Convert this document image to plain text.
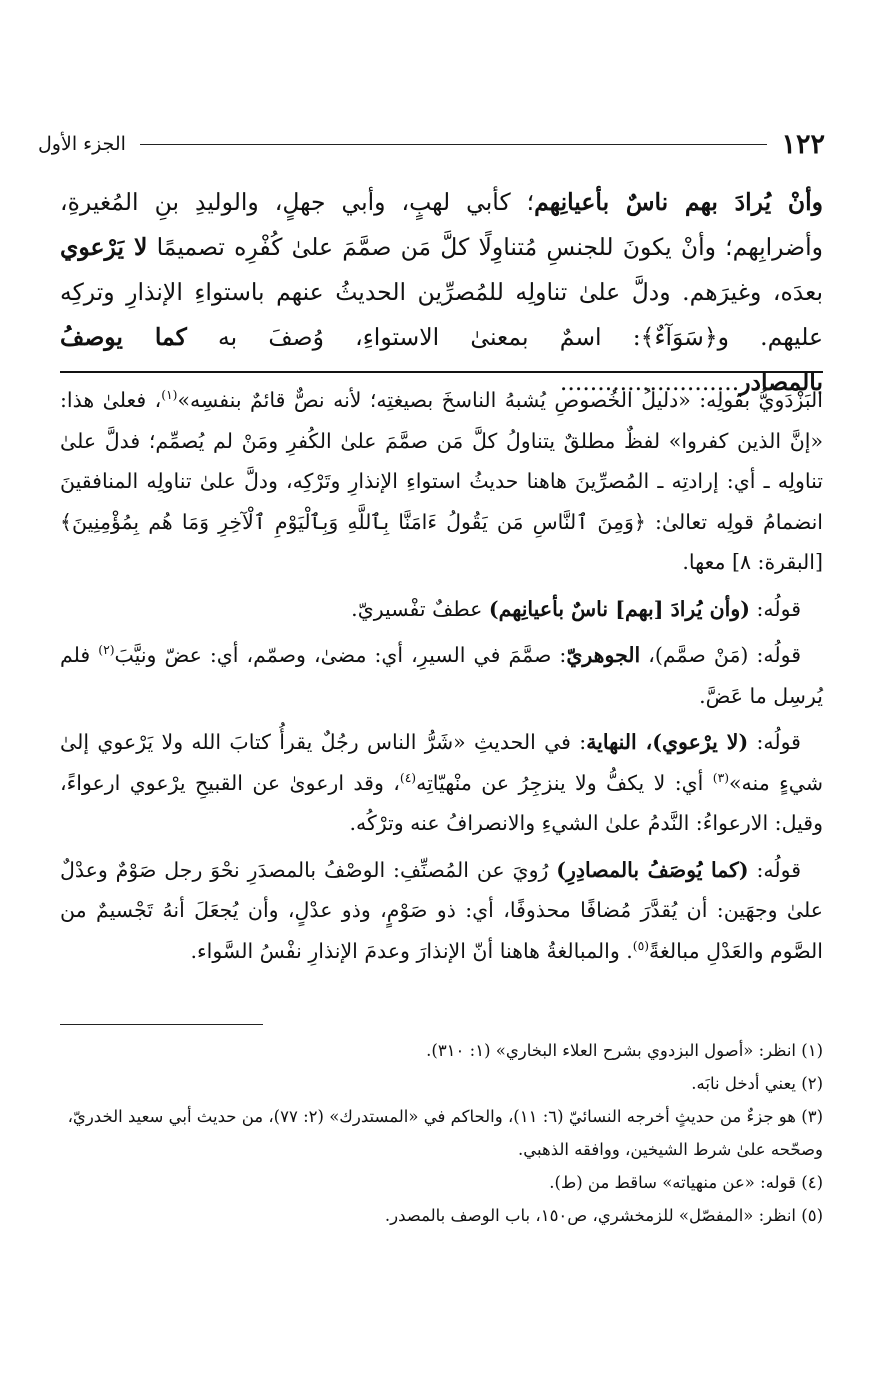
١٢٢
الجزء الأول

وأنْ يُرادَ بهم ناسٌ بأعيانِهم؛ كأبي لهبٍ، وأبي جهلٍ، والوليدِ بنِ المُغيرةِ، وأضرابِهم؛ وأنْ يكونَ للجنسِ مُتناوِلًا كلَّ مَن صمَّمَ علىٰ كُفْرِه تصميمًا لا يَرْعوي بعدَه، وغيرَهم. ودلَّ علىٰ تناولِه للمُصرِّين الحديثُ عنهم باستواءِ الإنذارِ وتركِه عليهم. و﴿سَوَآءٌ﴾: اسمٌ بمعنىٰ الاستواءِ، وُصفَ به كما يوصفُ بالمصادر........................

البَزْدَويُّ بقولِه: «دليلُ الخُصوصِ يُشبهُ الناسخَ بصيغتِه؛ لأنه نصٌّ قائمٌ بنفسِه»$^{(١)}$، فعلىٰ هذا: «إنَّ الذين كفروا» لفظٌ مطلقٌ يتناولُ كلَّ مَن صمَّمَ علىٰ الكُفرِ ومَنْ لم يُصمِّم؛ فدلَّ علىٰ تناولِه ـ أي: إرادتِه ـ المُصرِّينَ هاهنا حديثُ استواءِ الإنذارِ وتَرْكِه، ودلَّ علىٰ تناولِه المنافقينَ انضمامُ قولِه تعالىٰ: ﴿وَمِنَ ٱلنَّاسِ مَن يَقُولُ ءَامَنَّا بِٱللَّهِ وَبِٱلْيَوْمِ ٱلْآخِرِ وَمَا هُم بِمُؤْمِنِينَ﴾ [البقرة: ٨] معها.

قولُه: (وأن يُرادَ [بهم] ناسٌ بأعيانِهم) عطفٌ تفْسيريّ.

قولُه: (مَنْ صمَّم)، الجوهريّ: صمَّمَ في السيرِ، أي: مضىٰ، وصمّم، أي: عضّ ونيَّبَ$^{(٢)}$ فلم يُرسِل ما عَضَّ.

قولُه: (لا يرْعوي)، النهاية: في الحديثِ «شَرُّ الناس رجُلٌ يقرأُ كتابَ الله ولا يَرْعوي إلىٰ شيءٍ منه»$^{(٣)}$ أي: لا يكفُّ ولا ينزجِرُ عن منْهيّاتِه$^{(٤)}$، وقد ارعوىٰ عن القبيحِ يرْعوي ارعواءً، وقيل: الارعواءُ: النَّدمُ علىٰ الشيءِ والانصرافُ عنه وترْكُه.

قولُه: (كما يُوصَفُ بالمصادِرِ) رُويَ عن المُصنِّفِ: الوصْفُ بالمصدَرِ نحْوَ رجل صَوْمٌ وعدْلٌ علىٰ وجهَين: أن يُقدَّرَ مُضافًا محذوفًا، أي: ذو صَوْمٍ، وذو عدْلٍ، وأن يُجعَلَ أنهُ تَجْسيمٌ من الصَّوم والعَدْلِ مبالغةً$^{(٥)}$. والمبالغةُ هاهنا أنّ الإنذارَ وعدمَ الإنذارِ نفْسُ السَّواء.

(١) انظر: «أصول البزدوي بشرح العلاء البخاري» (١: ٣١٠).

(٢) يعني أدخل نابَه.

(٣) هو جزءٌ من حديثٍ أخرجه النسائيّ (٦: ١١)، والحاكم في «المستدرك» (٢: ٧٧)، من حديث أبي سعيد الخدريّ، وصحّحه علىٰ شرط الشيخين، ووافقه الذهبي.

(٤) قوله: «عن منهياته» ساقط من (ط).

(٥) انظر: «المفصّل» للزمخشري، ص١٥٠، باب الوصف بالمصدر.
